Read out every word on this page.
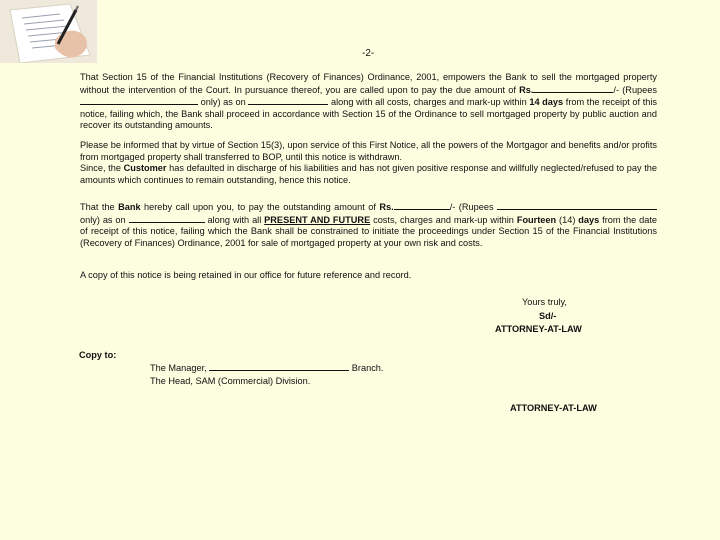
-2-

That Section 15 of the Financial Institutions (Recovery of Finances) Ordinance, 2001, empowers the Bank to sell the mortgaged property without the intervention of the Court. In pursuance thereof, you are called upon to pay the due amount of Rs.	/- (Rupees  only) as on	along with all costs, charges and mark-up within 14 days from the receipt of this notice, failing which, the Bank shall proceed in accordance with Section 15 of the Ordinance to sell mortgaged property by public auction and recover its outstanding amounts.

Please be informed that by virtue of Section 15(3), upon service of this First Notice, all the powers of the Mortgagor and benefits and/or profits from mortgaged property shall transferred to BOP, until this notice is withdrawn.

Since, the Customer has defaulted in discharge of his liabilities and has not given positive response and willfully neglected/refused to pay the amounts which continues to remain outstanding, hence this notice.

That the Bank hereby call upon you, to pay the outstanding amount of Rs.	/- (Rupees  only) as on	along with all PRESENT AND FUTURE costs, charges and mark-up within Fourteen (14) days from the date of receipt of this notice, failing which the Bank shall be constrained to initiate the proceedings under Section 15 of the Financial Institutions (Recovery of Finances) Ordinance, 2001 for sale of mortgaged property at your own risk and costs.

A copy of this notice is being retained in our office for future reference and record.

Yours truly,
Sd/-
ATTORNEY-AT-LAW
Copy to:
The Manager,	Branch.
The Head, SAM (Commercial) Division.
ATTORNEY-AT-LAW
